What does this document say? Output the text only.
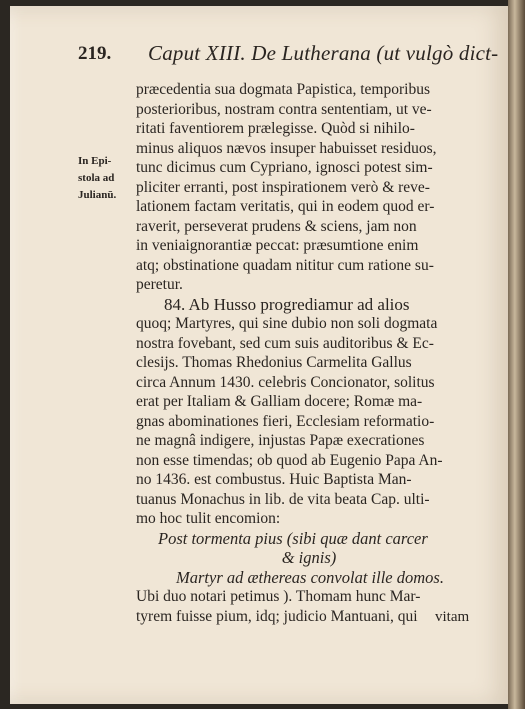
219. Caput XIII. De Lutherana (ut vulgò dict-
In Epi-
stola ad
Julianū.
præcedentia sua dogmata Papistica, temporibus
posterioribus, nostram contra sententiam, ut ve-
ritati faventiorem prælegisse. Quòd si nihilo-
minus aliquos nævos insuper habuisset residuos,
tunc dicimus cum Cypriano, ignosci potest sim-
pliciter erranti, post inspirationem verò & reve-
lationem factam veritatis, qui in eodem quod er-
raverit, perseverat prudens & sciens, jam non
in veniaignorantiæ peccat: præsumtione enim
atq; obstinatione quadam nititur cum ratione su-
peretur.
84. Ab Husso progrediamur ad alios
quoq; Martyres, qui sine dubio non soli dogmata
nostra fovebant, sed cum suis auditoribus & Ec-
clesijs. Thomas Rhedonius Carmelita Gallus
circa Annum 1430. celebris Concionator, solitus
erat per Italiam & Galliam docere; Romæ ma-
gnas abominationes fieri, Ecclesiam reformatio-
ne magnâ indigere, injustas Papæ execrationes
non esse timendas; ob quod ab Eugenio Papa An-
no 1436. est combustus. Huic Baptista Man-
tuanus Monachus in lib. de vita beata Cap. ulti-
mo hoc tulit encomion:
Post tormenta pius (sibi quæ dant carcer
& ignis)
Martyr ad æthereas convolat ille domos.
Ubi duo notari petimus ). Thomam hunc Mar-
tyrem fuisse pium, idq; judicio Mantuani, qui	vitam
